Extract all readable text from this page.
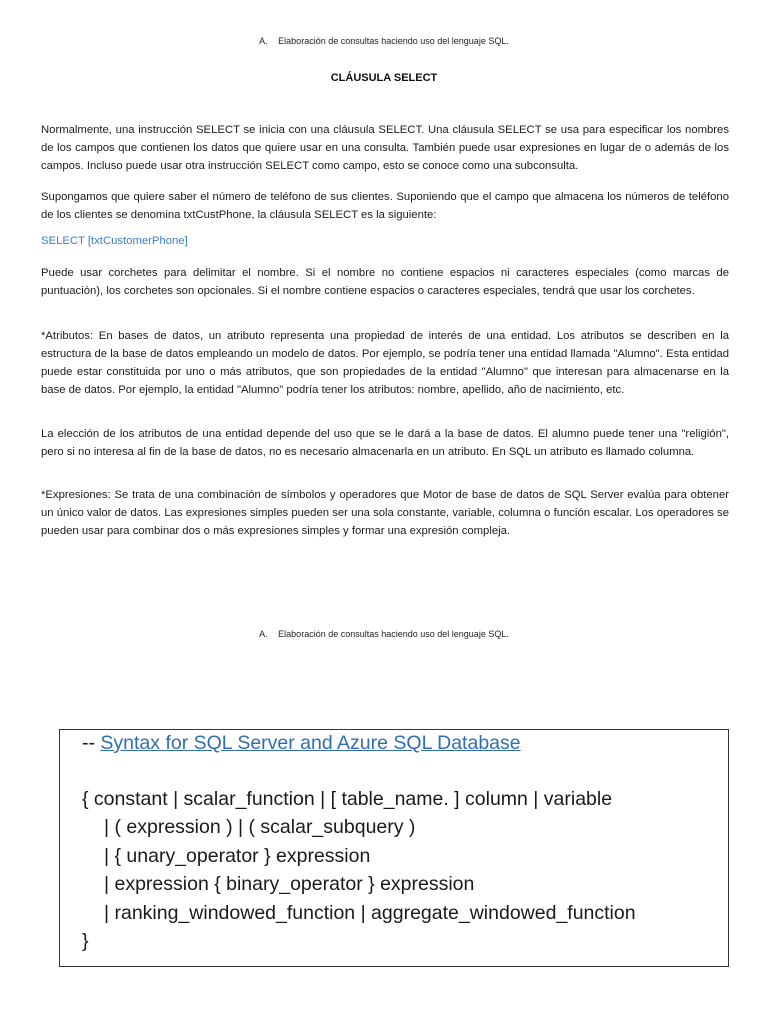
A. Elaboración de consultas haciendo uso del lenguaje SQL.
CLÁUSULA SELECT
Normalmente, una instrucción SELECT se inicia con una cláusula SELECT. Una cláusula SELECT se usa para especificar los nombres de los campos que contienen los datos que quiere usar en una consulta. También puede usar expresiones en lugar de o además de los campos. Incluso puede usar otra instrucción SELECT como campo, esto se conoce como una subconsulta.
Supongamos que quiere saber el número de teléfono de sus clientes. Suponiendo que el campo que almacena los números de teléfono de los clientes se denomina txtCustPhone, la cláusula SELECT es la siguiente:
SELECT [txtCustomerPhone]
Puede usar corchetes para delimitar el nombre. Si el nombre no contiene espacios ni caracteres especiales (como marcas de puntuación), los corchetes son opcionales. Si el nombre contiene espacios o caracteres especiales, tendrá que usar los corchetes.
*Atributos: En bases de datos, un atributo representa una propiedad de interés de una entidad. Los atributos se describen en la estructura de la base de datos empleando un modelo de datos. Por ejemplo, se podría tener una entidad llamada "Alumno". Esta entidad puede estar constituida por uno o más atributos, que son propiedades de la entidad "Alumno" que interesan para almacenarse en la base de datos. Por ejemplo, la entidad "Alumno" podría tener los atributos: nombre, apellido, año de nacimiento, etc.
La elección de los atributos de una entidad depende del uso que se le dará a la base de datos. El alumno puede tener una "religión", pero si no interesa al fin de la base de datos, no es necesario almacenarla en un atributo. En SQL un atributo es llamado columna.
*Expresiones: Se trata de una combinación de símbolos y operadores que Motor de base de datos de SQL Server evalúa para obtener un único valor de datos. Las expresiones simples pueden ser una sola constante, variable, columna o función escalar. Los operadores se pueden usar para combinar dos o más expresiones simples y formar una expresión compleja.
A. Elaboración de consultas haciendo uso del lenguaje SQL.
-- Syntax for SQL Server and Azure SQL Database
{ constant | scalar_function | [ table_name. ] column | variable
| ( expression ) | ( scalar_subquery )
| { unary_operator } expression
| expression { binary_operator } expression
| ranking_windowed_function | aggregate_windowed_function
}
